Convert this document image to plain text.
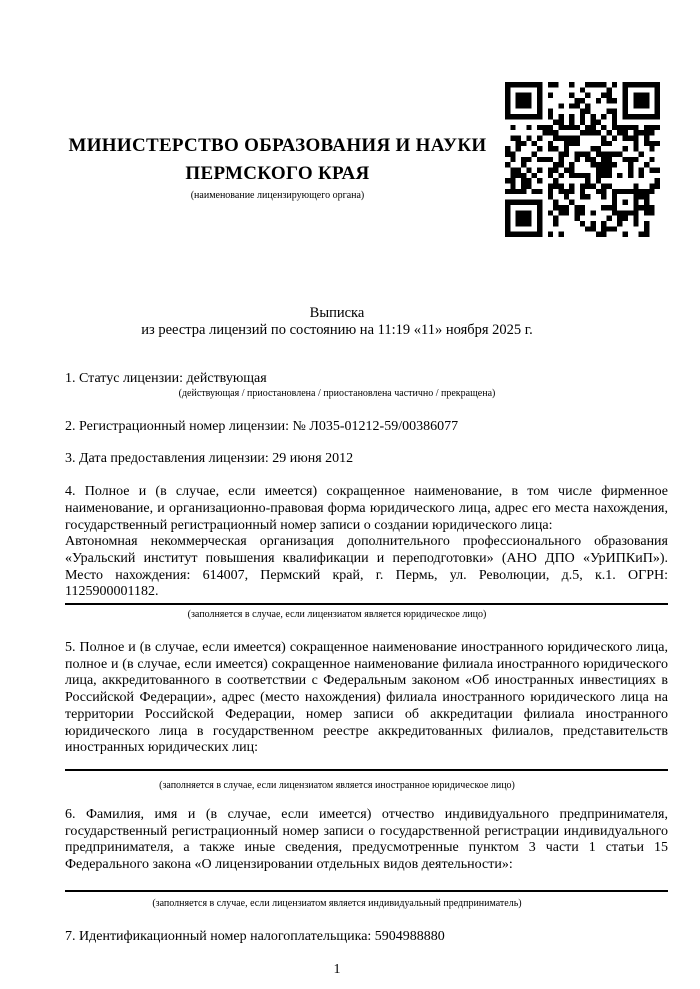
МИНИСТЕРСТВО ОБРАЗОВАНИЯ И НАУКИ
ПЕРМСКОГО КРАЯ
(наименование лицензирующего органа)
Выписка
из реестра лицензий по состоянию на 11:19 «11» ноября 2025 г.
1. Статус лицензии: действующая
(действующая / приостановлена / приостановлена частично / прекращена)
2. Регистрационный номер лицензии: № Л035-01212-59/00386077
3. Дата предоставления лицензии: 29 июня 2012
4. Полное и (в случае, если имеется) сокращенное наименование, в том числе фирменное наименование, и организационно-правовая форма юридического лица, адрес его места нахождения, государственный регистрационный номер записи о создании юридического лица:
Автономная некоммерческая организация дополнительного профессионального образования «Уральский институт повышения квалификации и переподготовки» (АНО ДПО «УрИПКиП»). Место нахождения: 614007, Пермский край, г. Пермь, ул. Революции, д.5, к.1. ОГРН: 1125900001182.
(заполняется в случае, если лицензиатом является юридическое лицо)
5. Полное и (в случае, если имеется) сокращенное наименование иностранного юридического лица, полное и (в случае, если имеется) сокращенное наименование филиала иностранного юридического лица, аккредитованного в соответствии с Федеральным законом «Об иностранных инвестициях в Российской Федерации», адрес (место нахождения) филиала иностранного юридического лица на территории Российской Федерации, номер записи об аккредитации филиала иностранного юридического лица в государственном реестре аккредитованных филиалов, представительств иностранных юридических лиц:
(заполняется в случае, если лицензиатом является иностранное юридическое лицо)
6. Фамилия, имя и (в случае, если имеется) отчество индивидуального предпринимателя, государственный регистрационный номер записи о государственной регистрации индивидуального предпринимателя, а также иные сведения, предусмотренные пунктом 3 части 1 статьи 15 Федерального закона «О лицензировании отдельных видов деятельности»:
(заполняется в случае, если лицензиатом является индивидуальный предприниматель)
7. Идентификационный номер налогоплательщика: 5904988880
1
